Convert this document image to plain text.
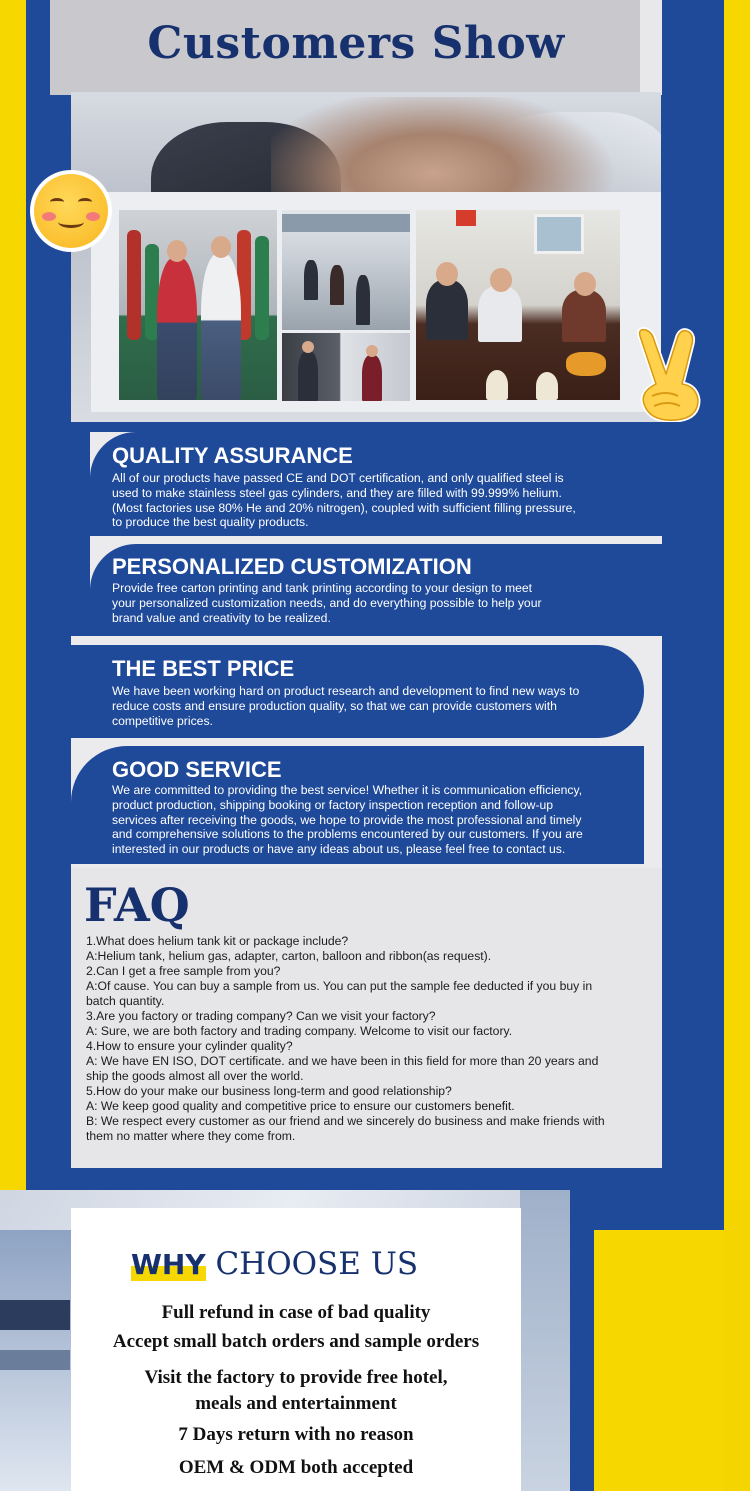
Customers Show
QUALITY ASSURANCE
All of our products have passed CE and DOT certification, and only qualified steel is
used to make stainless steel gas cylinders, and they are filled with 99.999% helium.
(Most factories use 80% He and 20% nitrogen), coupled with sufficient filling pressure,
to produce the best quality products.
PERSONALIZED CUSTOMIZATION
Provide free carton printing and tank printing according to your design to meet
your personalized customization needs, and do everything possible to help your
brand value and creativity to be realized.
THE BEST PRICE
We have been working hard on product research and development to find new ways to
reduce costs and ensure production quality, so that we can provide customers with
competitive prices.
GOOD SERVICE
We are committed to providing the best service! Whether it is communication efficiency,
product production, shipping booking or factory inspection reception and follow-up
services after receiving the goods, we hope to provide the most professional and timely
and comprehensive solutions to the problems encountered by our customers. If you are
interested in our products or have any ideas about us, please feel free to contact us.
FAQ
1.What does helium tank kit or package include?
A:Helium tank, helium gas, adapter, carton, balloon and ribbon(as request).
2.Can I get a free sample from you?
A:Of cause. You can buy a sample from us. You can put the sample fee deducted if you buy in
batch quantity.
3.Are you factory or trading company? Can we visit your factory?
A: Sure, we are both factory and trading company. Welcome to visit our factory.
4.How to ensure your cylinder quality?
A: We have EN ISO, DOT certificate. and we have been in this field for more than 20 years and
ship the goods almost all over the world.
5.How do your make our business long-term and good relationship?
A: We keep good quality and competitive price to ensure our customers benefit.
B: We respect every customer as our friend and we sincerely do business and make friends with
them no matter where they come from.
WHY CHOOSE US
Full refund in case of bad quality
Accept small batch orders and sample orders
Visit the factory to provide free hotel,
meals and entertainment
7 Days return with no reason
OEM & ODM both accepted
